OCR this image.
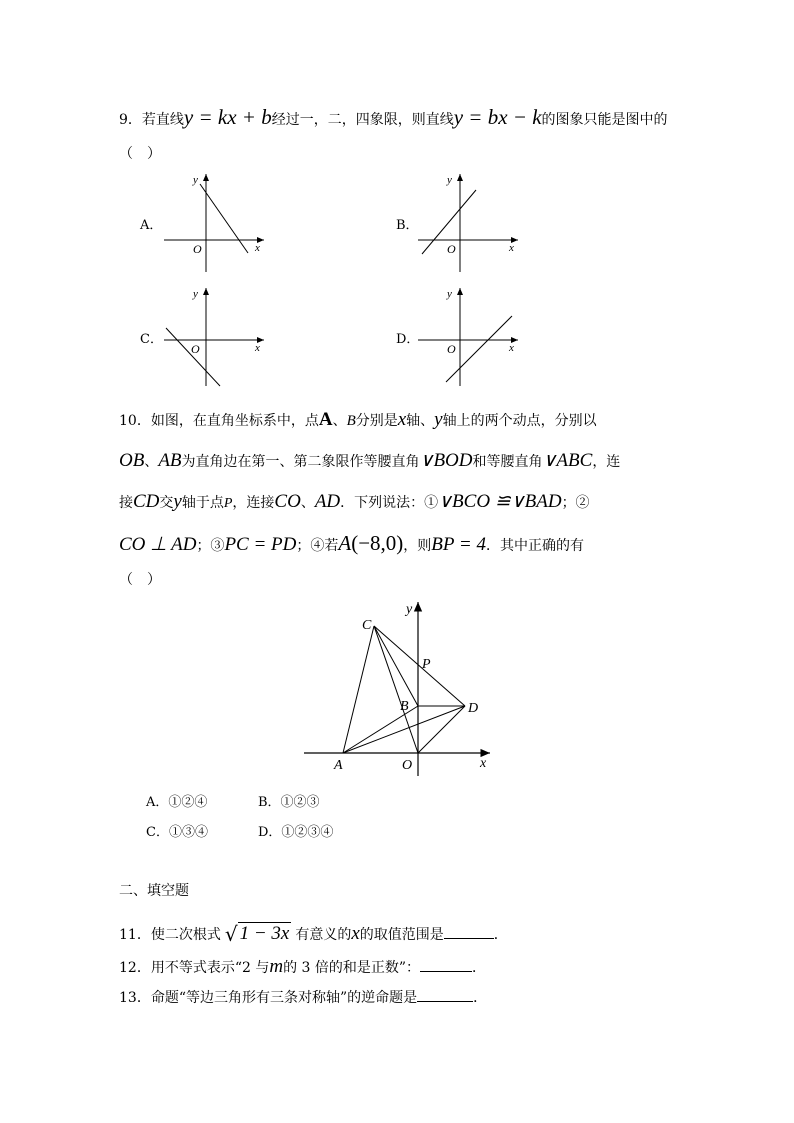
9．若直线y = kx + b经过一，二，四象限，则直线y = bx − k的图象只能是图中的
（　）
A．
y
x
O
B．
y
x
O
C．
y
x
O
D．
y
x
O
10．如图，在直角坐标系中，点A、B分别是x轴、y轴上的两个动点，分别以
OB、AB为直角边在第一、第二象限作等腰直角∨BOD和等腰直角∨ABC，连
接CD交y轴于点P，连接CO、AD．下列说法：①∨BCO ≌∨BAD；②
CO ⊥ AD；③PC = PD；④若A(−8,0)，则BP = 4．其中正确的有
（　）
C
P
B	D
A	O	x
y
A．①②④	B．①②③
C．①③④	D．①②③④
二、填空题
11．使二次根式 √ 1 − 3x 有意义的x的取值范围是	．
12．用不等式表示“2 与m的 3 倍的和是正数”：	．
13．命题“等边三角形有三条对称轴”的逆命题是	．
